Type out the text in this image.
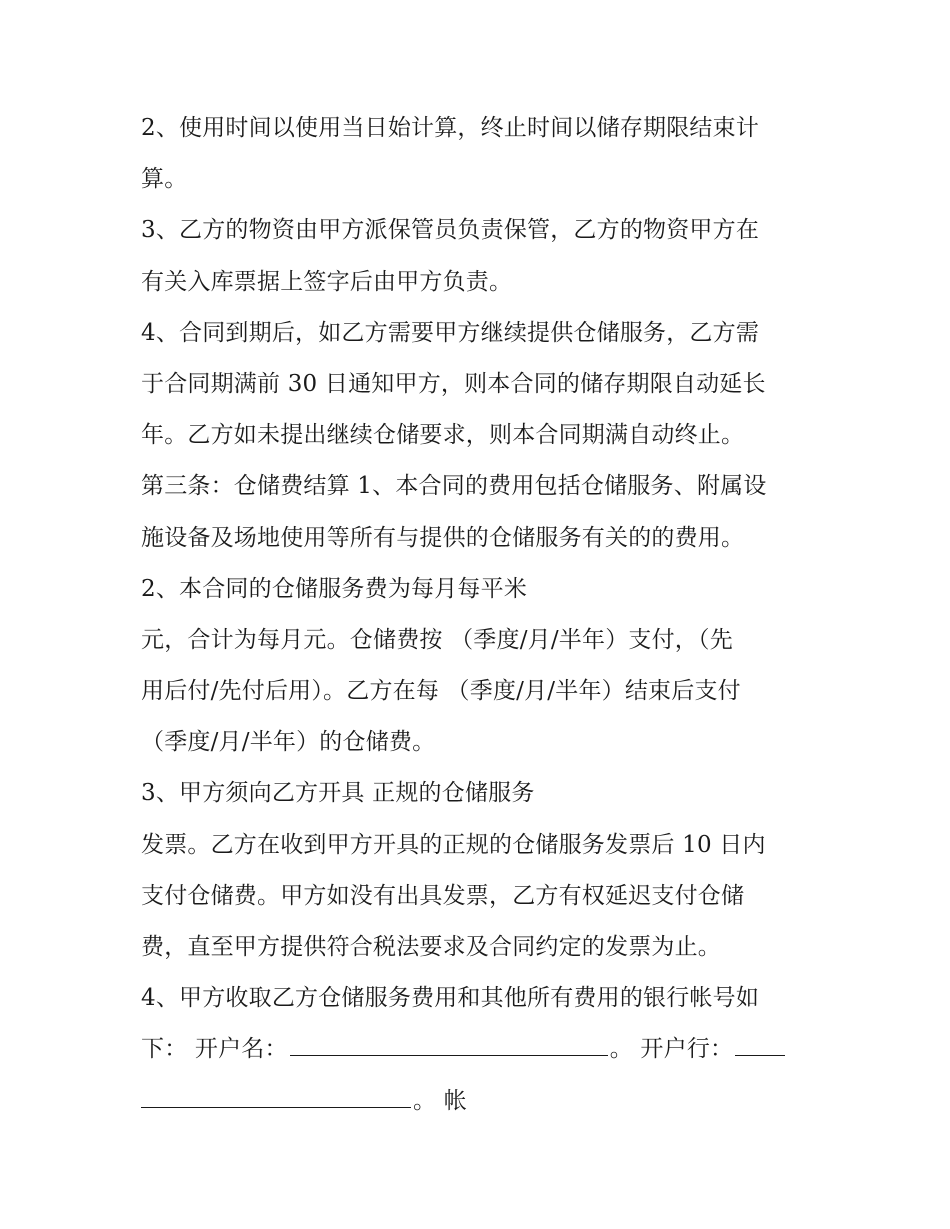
2、使用时间以使用当日始计算，终止时间以储存期限结束计
算。
3、乙方的物资由甲方派保管员负责保管，乙方的物资甲方在
有关入库票据上签字后由甲方负责。
4、合同到期后，如乙方需要甲方继续提供仓储服务，乙方需
于合同期满前 30 日通知甲方，则本合同的储存期限自动延长
年。乙方如未提出继续仓储要求，则本合同期满自动终止。
第三条：仓储费结算 1、本合同的费用包括仓储服务、附属设
施设备及场地使用等所有与提供的仓储服务有关的的费用。
2、本合同的仓储服务费为每月每平米
元，合计为每月元。仓储费按 （季度/月/半年）支付，（先
用后付/先付后用）。乙方在每 （季度/月/半年）结束后支付
（季度/月/半年）的仓储费。
3、甲方须向乙方开具 正规的仓储服务
发票。乙方在收到甲方开具的正规的仓储服务发票后 10 日内
支付仓储费。甲方如没有出具发票，乙方有权延迟支付仓储
费，直至甲方提供符合税法要求及合同约定的发票为止。
4、甲方收取乙方仓储服务费用和其他所有费用的银行帐号如
下： 开户名：	。 开户行：
。 帐
